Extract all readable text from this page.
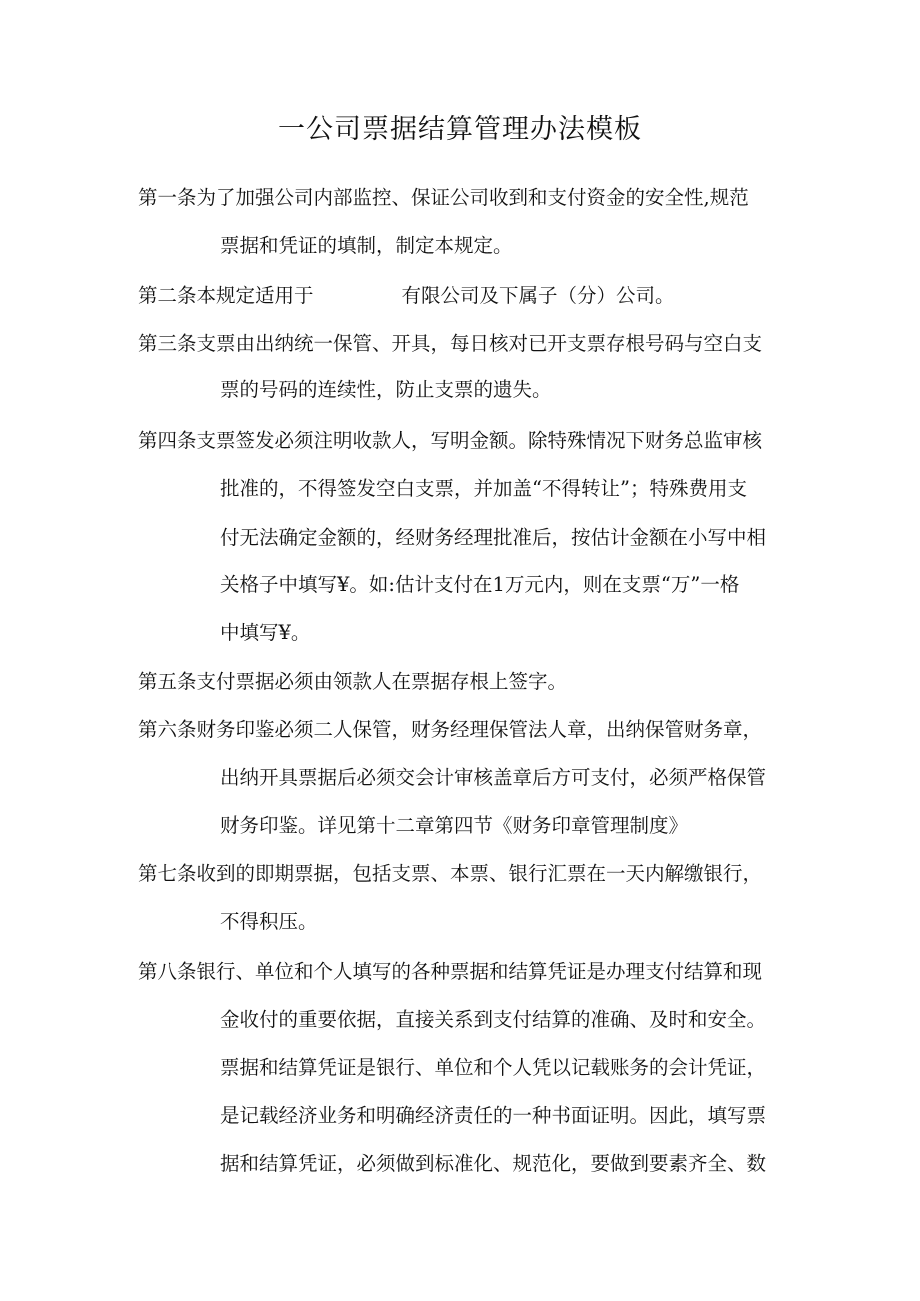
一公司票据结算管理办法模板
第一条为了加强公司内部监控、保证公司收到和支付资金的安全性,规范
票据和凭证的填制，制定本规定。
第二条本规定适用于	有限公司及下属子（分）公司。
第三条支票由出纳统一保管、开具，每日核对已开支票存根号码与空白支
票的号码的连续性，防止支票的遗失。
第四条支票签发必须注明收款人，写明金额。除特殊情况下财务总监审核
批准的，不得签发空白支票，并加盖“不得转让”；特殊费用支
付无法确定金额的，经财务经理批准后，按估计金额在小写中相
关格子中填写¥。如:估计支付在1万元内，则在支票“万”一格
中填写¥。
第五条支付票据必须由领款人在票据存根上签字。
第六条财务印鉴必须二人保管，财务经理保管法人章，出纳保管财务章，
出纳开具票据后必须交会计审核盖章后方可支付，必须严格保管
财务印鉴。详见第十二章第四节《财务印章管理制度》
第七条收到的即期票据，包括支票、本票、银行汇票在一天内解缴银行，
不得积压。
第八条银行、单位和个人填写的各种票据和结算凭证是办理支付结算和现
金收付的重要依据，直接关系到支付结算的准确、及时和安全。
票据和结算凭证是银行、单位和个人凭以记载账务的会计凭证，
是记载经济业务和明确经济责任的一种书面证明。因此，填写票
据和结算凭证，必须做到标准化、规范化，要做到要素齐全、数
